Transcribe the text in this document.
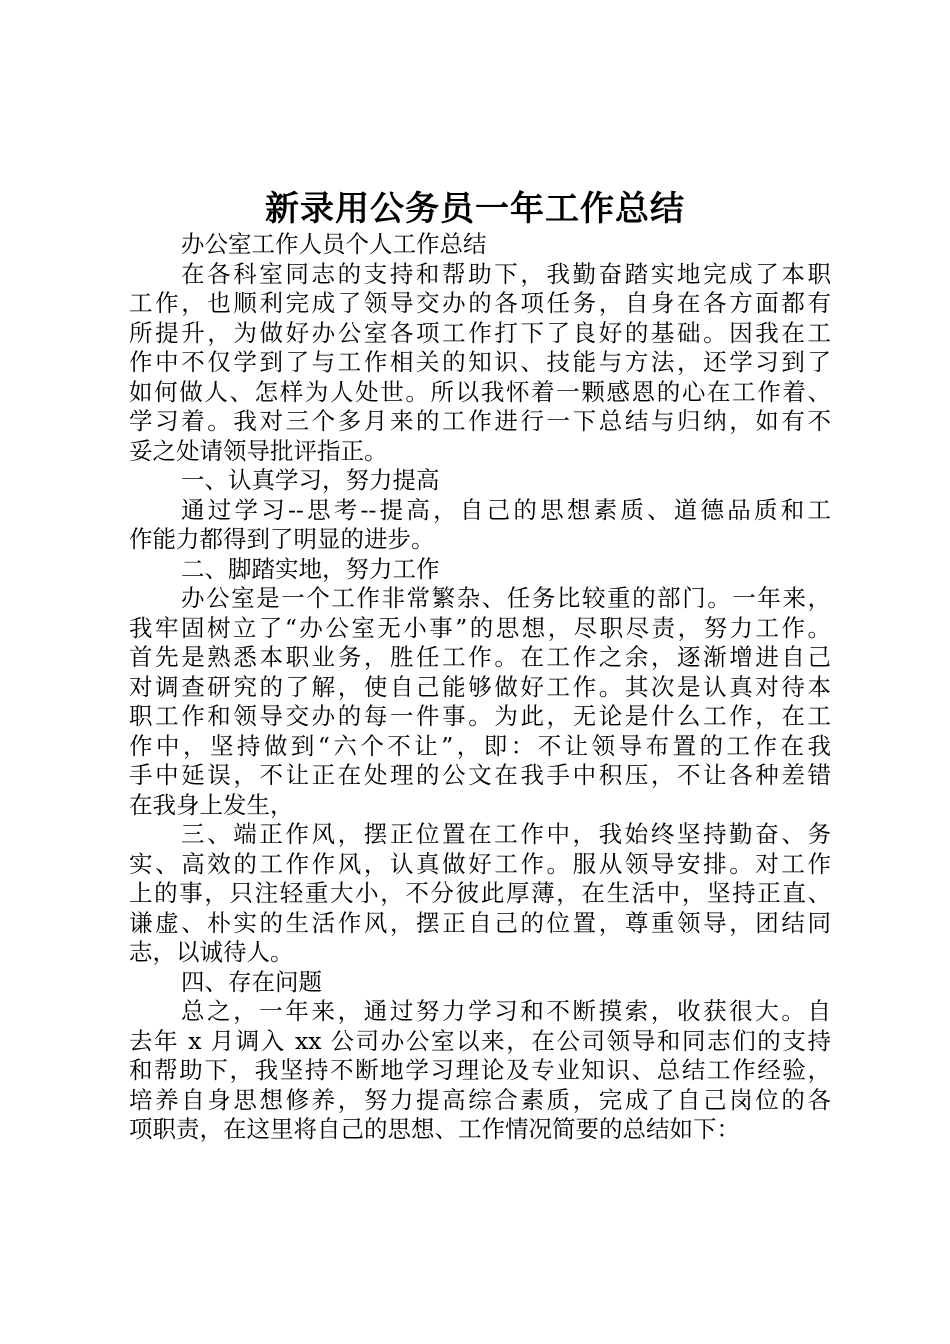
新录用公务员一年工作总结
办公室工作人员个人工作总结
在各科室同志的支持和帮助下，我勤奋踏实地完成了本职
工作，也顺利完成了领导交办的各项任务，自身在各方面都有
所提升，为做好办公室各项工作打下了良好的基础。因我在工
作中不仅学到了与工作相关的知识、技能与方法，还学习到了
如何做人、怎样为人处世。所以我怀着一颗感恩的心在工作着、
学习着。我对三个多月来的工作进行一下总结与归纳，如有不
妥之处请领导批评指正。
一、认真学习，努力提高
通过学习--思考--提高，自己的思想素质、道德品质和工
作能力都得到了明显的进步。
二、脚踏实地，努力工作
办公室是一个工作非常繁杂、任务比较重的部门。一年来，
我牢固树立了“办公室无小事”的思想，尽职尽责，努力工作。
首先是熟悉本职业务，胜任工作。在工作之余，逐渐增进自己
对调查研究的了解，使自己能够做好工作。其次是认真对待本
职工作和领导交办的每一件事。为此，无论是什么工作，在工
作中，坚持做到“六个不让”，即：不让领导布置的工作在我
手中延误，不让正在处理的公文在我手中积压，不让各种差错
在我身上发生，
三、端正作风，摆正位置在工作中，我始终坚持勤奋、务
实、高效的工作作风，认真做好工作。服从领导安排。对工作
上的事，只注轻重大小，不分彼此厚薄，在生活中，坚持正直、
谦虚、朴实的生活作风，摆正自己的位置，尊重领导，团结同
志，以诚待人。
四、存在问题
总之，一年来，通过努力学习和不断摸索，收获很大。自
去年 x 月调入 xx 公司办公室以来，在公司领导和同志们的支持
和帮助下，我坚持不断地学习理论及专业知识、总结工作经验，
培养自身思想修养，努力提高综合素质，完成了自己岗位的各
项职责，在这里将自己的思想、工作情况简要的总结如下：
